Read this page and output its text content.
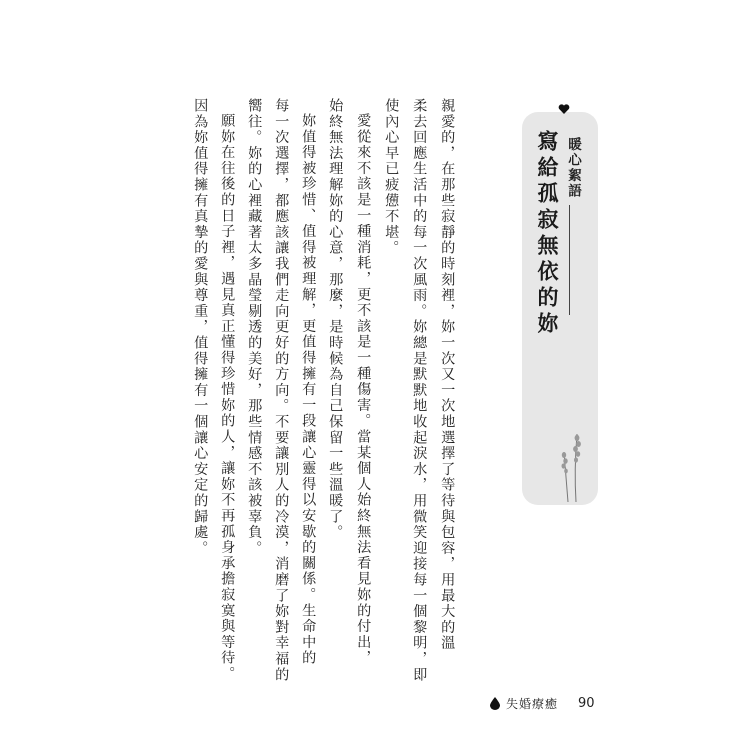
暖心絮語
寫給孤寂無依的妳
親愛的，在那些寂靜的時刻裡，妳一次又一次地選擇了等待與包容，用最大的溫
柔去回應生活中的每一次風雨。妳總是默默地收起淚水，用微笑迎接每一個黎明，即
使內心早已疲憊不堪。
愛從來不該是一種消耗，更不該是一種傷害。當某個人始終無法看見妳的付出，
始終無法理解妳的心意，那麼，是時候為自己保留一些溫暖了。
妳值得被珍惜、值得被理解，更值得擁有一段讓心靈得以安歇的關係。生命中的
每一次選擇，都應該讓我們走向更好的方向。不要讓別人的冷漠，消磨了妳對幸福的
嚮往。妳的心裡藏著太多晶瑩剔透的美好，那些情感不該被辜負。
願妳在往後的日子裡，遇見真正懂得珍惜妳的人，讓妳不再孤身承擔寂寞與等待。
因為妳值得擁有真摯的愛與尊重，值得擁有一個讓心安定的歸處。
失婚療癒 90
